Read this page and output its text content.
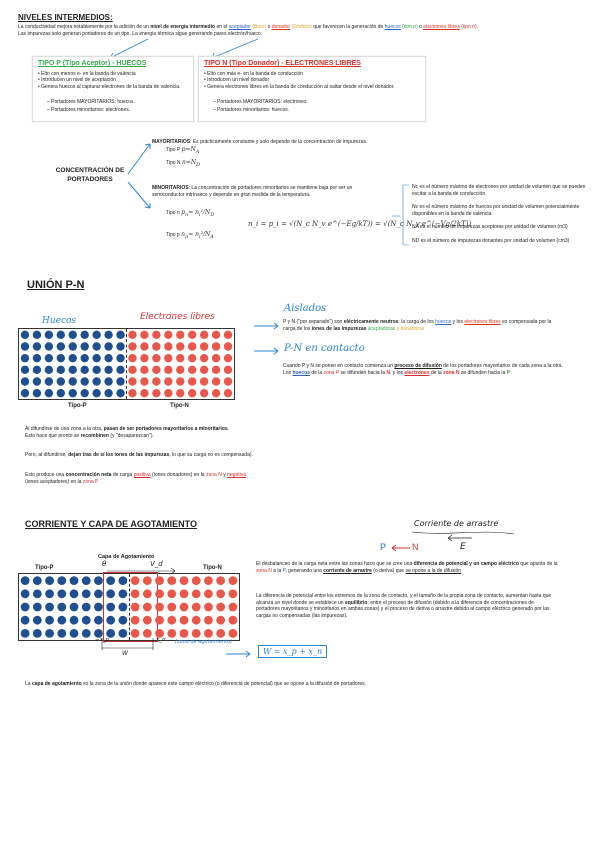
NIVELES INTERMEDIOS:
La conductividad mejora notablemente por la adición de un nivel de energía intermedio en el aceptador (Boro) o donador (Fósforo) que favorecen la generación de huecos (tipo p) o electrones libres (tipo n).
Las impurezas solo generan portadores de un tipo. La energía térmica sigue generando pares electrón/hueco.
TIPO P (Tipo Aceptor) - HUECOS
• Elto con menos e- en la banda de valencia
• Introducen un nivel de aceptación
• Genera huecos al capturar electrones de la banda de valencia.
– Portadores MAYORITARIOS: huecos.
– Portadores minoritarios: electrones.
TIPO N (Tipo Donador) - ELECTRONES LIBRES
• Elto con más e- en la banda de conducción
• Introducen un nivel donador
• Genera electrones libres en la banda de conducción al saltar desde el nivel donador.
– Portadores MAYORITARIOS: electrones.
– Portadores minoritarios: huecos.
CONCENTRACIÓN DE
PORTADORES
MAYORITARIOS: Es prácticamente constante y solo depende de la concentración de impurezas.
Tipo P $p\approx N_A$
Tipo N $n\approx N_D$
MINORITARIOS: La concentración de portadores minoritarios se mantiene baja por ser un
semiconductor intrínseco y depende en gran medida de la temperatura.
Tipo n $p_n\approx n_i^2/N_D$
Tipo p $n_p\approx n_i^2/N_A$
n_i = p_i = √(N_c N_v e^(−Eg/kT)) = √(N_c N_v e^(−Vg/2kT))
Nc es el número máximo de electrones por unidad de volumen que se pueden excitar a la banda de conducción.
Nv es el número máximo de huecos por unidad de volumen potencialmente disponibles en la banda de valencia.
NA es el número de impurezas aceptoras por unidad de volumen (m3)
ND es el número de impurezas donantes por unidad de volumen (cm3)
UNIÓN P-N
Huecos	Electrones libres
Tipo-P	Tipo-N
Aislados
P y N ("por separado") son eléctricamente neutros: la carga de los huecos y los electrones libres es compensada por la carga de los iones de las impurezas aceptadoras y donadoras
P-N en contacto
Cuando P y N se ponen en contacto comienza un proceso de difusión de los portadores mayoritarios de cada zona a la otra.
Los huecos de la zona P se difunden hacia la N, y los electrones de la zona N se difunden hacia la P
Al difundirse de una zona a la otra, pasan de ser portadores mayoritarios a minoritarios.
Esto hace que pronto se recombinen (y "desaparezcan").
Pero, al difundirse, dejan tras de sí los iones de las impurezas, lo que su carga no es compensada).
Esto produce una concentración neta de carga positiva (iones donadores) en la zona N y negativa
(iones aceptadores) en la zona P
CORRIENTE Y CAPA DE AGOTAMIENTO	Corriente de arrastre
P	N	E
Capa de Agotamiento
θ	V_d
Tipo-P	Tipo-N
−x_p	x_n (zona de agotamiento)
W
El desbalanceo de la carga neta entre las zonas hace que se cree una diferencia de potencial y un campo eléctrico que apunta de la zona N a la P, generando una corriente de arrastre (o deriva) que se opone a la de difusión
La diferencia de potencial entre los extremos de la zona de contacto, y el tamaño de la propia zona de contacto, aumentan hasta que alcanza un nivel donde se establece un equilibrio: entre el proceso de difusión (debido a la diferencia de concentraciones de portadores mayoritarios y minoritarios en ambas zonas) y el proceso de deriva o arrastre debido al campo eléctrico generado por las cargas no compensadas (las impurezas).
W = x_p + x_n
La capa de agotamiento es la zona de la unión donde aparece este campo eléctrico (o diferencia de potencial) que se opone a la difusión de portadores.
